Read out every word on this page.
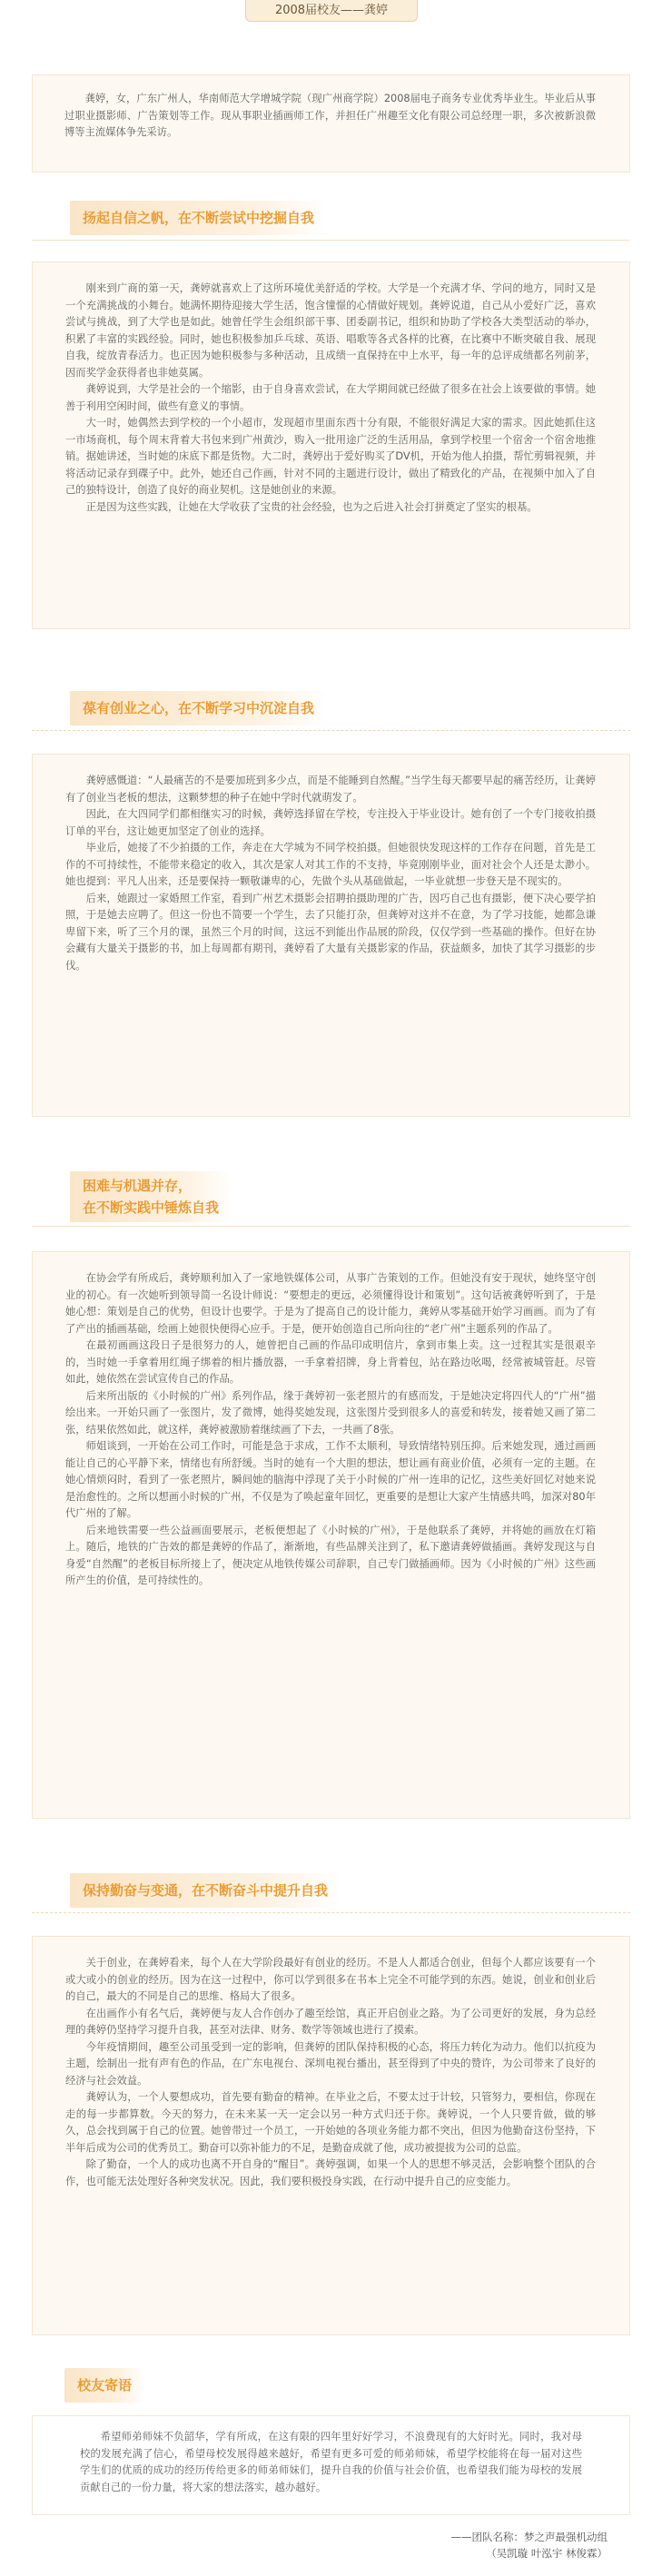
2008届校友——龚婷

龚婷，女，广东广州人，华南师范大学增城学院（现广州商学院）2008届电子商务专业优秀毕业生。毕业后从事过职业摄影师、广告策划等工作。现从事职业插画师工作，并担任广州趣至文化有限公司总经理一职，多次被新浪微博等主流媒体争先采访。

扬起自信之帆，在不断尝试中挖掘自我

刚来到广商的第一天，龚婷就喜欢上了这所环境优美舒适的学校。大学是一个充满才华、学问的地方，同时又是一个充满挑战的小舞台。她满怀期待迎接大学生活，饱含憧憬的心情做好规划。龚婷说道，自己从小爱好广泛，喜欢尝试与挑战，到了大学也是如此。她曾任学生会组织部干事、团委副书记，组织和协助了学校各大类型活动的举办，积累了丰富的实践经验。同时，她也积极参加乒乓球、英语、唱歌等各式各样的比赛，在比赛中不断突破自我、展现自我，绽放青春活力。也正因为她积极参与多种活动，且成绩一直保持在中上水平，每一年的总评成绩都名列前茅，因而奖学金获得者也非她莫属。

龚婷说到，大学是社会的一个缩影，由于自身喜欢尝试，在大学期间就已经做了很多在社会上该要做的事情。她善于利用空闲时间，做些有意义的事情。

大一时，她偶然去到学校的一个小超市，发现超市里面东西十分有限，不能很好满足大家的需求。因此她抓住这一市场商机，每个周末背着大书包来到广州黄沙，购入一批用途广泛的生活用品，拿到学校里一个宿舍一个宿舍地推销。据她讲述，当时她的床底下都是货物。大二时，龚婷出于爱好购买了DV机，开始为他人拍摄，帮忙剪辑视频，并将活动记录存到碟子中。此外，她还自己作画，针对不同的主题进行设计，做出了精致化的产品，在视频中加入了自己的独特设计，创造了良好的商业契机。这是她创业的来源。

正是因为这些实践，让她在大学收获了宝贵的社会经验，也为之后进入社会打拼奠定了坚实的根基。

葆有创业之心，在不断学习中沉淀自我

龚婷感慨道：“人最痛苦的不是要加班到多少点，而是不能睡到自然醒。”当学生每天都要早起的痛苦经历，让龚婷有了创业当老板的想法，这颗梦想的种子在她中学时代就萌发了。

因此，在大四同学们都相继实习的时候，龚婷选择留在学校，专注投入于毕业设计。她有创了一个专门接收拍摄订单的平台，这让她更加坚定了创业的选择。

毕业后，她接了不少拍摄的工作，奔走在大学城为不同学校拍摄。但她很快发现这样的工作存在问题，首先是工作的不可持续性，不能带来稳定的收入，其次是家人对其工作的不支持，毕竟刚刚毕业，面对社会个人还是太渺小。她也提到：平凡人出来，还是要保持一颗敬谦卑的心，先做个头从基础做起，一毕业就想一步登天是不现实的。

后来，她跟过一家婚照工作室，看到广州艺术摄影会招聘拍摄助理的广告，因巧自己也有摄影，便下决心要学拍照，于是她去应聘了。但这一份也不简要一个学生，去了只能打杂，但龚婷对这并不在意，为了学习技能，她都急谦卑留下来，听了三个月的课，虽然三个月的时间，这远不到能出作品展的阶段，仅仅学到一些基础的操作。但好在协会藏有大量关于摄影的书，加上每周都有期刊，龚婷看了大量有关摄影家的作品，获益颇多，加快了其学习摄影的步伐。

困难与机遇并存，
在不断实践中锤炼自我

在协会学有所成后，龚婷顺利加入了一家地铁媒体公司，从事广告策划的工作。但她没有安于现状，她终坚守创业的初心。有一次她听到领导简一名设计师说：“要想走的更远，必须懂得设计和策划”。这句话被龚婷听到了，于是她心想：策划是自己的优势，但设计也要学。于是为了提高自己的设计能力，龚婷从零基础开始学习画画。而为了有了产出的插画基础，绘画上她很快便得心应手。于是，便开始创造自己所向往的“老广州”主题系列的作品了。

在最初画画这段日子是很努力的人，她曾把自己画的作品印成明信片，拿到市集上卖。这一过程其实是很艰辛的，当时她一手拿着用红绳子绑着的相片播放器，一手拿着招牌，身上背着包，站在路边吆喝，经常被城管赶。尽管如此，她依然在尝试宣传自己的作品。

后来所出版的《小时候的广州》系列作品，缘于龚婷初一张老照片的有感而发，于是她决定将四代人的“广州”描绘出来。一开始只画了一张图片，发了微博，她得奖她发现，这张图片受到很多人的喜爱和转发，接着她又画了第二张，结果依然如此，就这样，龚婷被激励着继续画了下去，一共画了8张。

师姐谈到，一开始在公司工作时，可能是急于求成，工作不太顺利，导致情绪特别压抑。后来她发现，通过画画能让自己的心平静下来，情绪也有所舒缓。当时的她有一个大胆的想法，想让画有商业价值，必须有一定的主题。在她心情烦闷时，看到了一张老照片，瞬间她的脑海中浮现了关于小时候的广州一连串的记忆，这些美好回忆对她来说是治愈性的。之所以想画小时候的广州，不仅是为了唤起童年回忆，更重要的是想让大家产生情感共鸣，加深对80年代广州的了解。

后来地铁需要一些公益画面要展示，老板便想起了《小时候的广州》，于是他联系了龚婷，并将她的画放在灯箱上。随后，地铁的广告效的都是龚婷的作品了，渐渐地，有些品牌关注到了，私下邀请龚婷做插画。龚婷发现这与自身爱“自然醒”的老板目标所接上了，便决定从地铁传媒公司辞职，自己专门做插画师。因为《小时候的广州》这些画所产生的价值，是可持续性的。

保持勤奋与变通，在不断奋斗中提升自我

关于创业，在龚婷看来，每个人在大学阶段最好有创业的经历。不是人人都适合创业，但每个人都应该要有一个或大或小的创业的经历。因为在这一过程中，你可以学到很多在书本上完全不可能学到的东西。她说，创业和创业后的自己，最大的不同是自己的思维、格局大了很多。

在出画作小有名气后，龚婷便与友人合作创办了趣至绘馆，真正开启创业之路。为了公司更好的发展，身为总经理的龚婷仍坚持学习提升自我，甚至对法律、财务、数学等领域也进行了摸索。

今年疫情期间，趣至公司虽受到一定的影响，但龚婷的团队保持积极的心态，将压力转化为动力。他们以抗疫为主题，绘制出一批有声有色的作品，在广东电视台、深圳电视台播出，甚至得到了中央的赞许，为公司带来了良好的经济与社会效益。

龚婷认为，一个人要想成功，首先要有勤奋的精神。在毕业之后，不要太过于计较，只管努力，要相信，你现在走的每一步都算数。今天的努力，在未来某一天一定会以另一种方式归还于你。龚婷说，一个人只要肯做，做的够久，总会找到属于自己的位置。她曾带过一个员工，一开始她的各项业务能力都不突出，但因为他勤奋这份坚持，下半年后成为公司的优秀员工。勤奋可以弥补能力的不足，是勤奋成就了他，成功被提拔为公司的总监。

除了勤奋，一个人的成功也离不开自身的“醒目”。龚婷强调，如果一个人的思想不够灵活，会影响整个团队的合作，也可能无法处理好各种突发状况。因此，我们要积极投身实践，在行动中提升自己的应变能力。

校友寄语

希望师弟师妹不负韶华，学有所成，在这有限的四年里好好学习，不浪费现有的大好时光。同时，我对母校的发展充满了信心，希望母校发展得越来越好，希望有更多可爱的师弟师妹，希望学校能将在每一届对这些学生们的优质的成功的经历传给更多的师弟师妹们，提升自我的价值与社会价值，也希望我们能为母校的发展贡献自己的一份力量，将大家的想法落实，越办越好。

——团队名称：梦之声最强机动组
（吴凯璇 叶泓宇 林俊霖）
